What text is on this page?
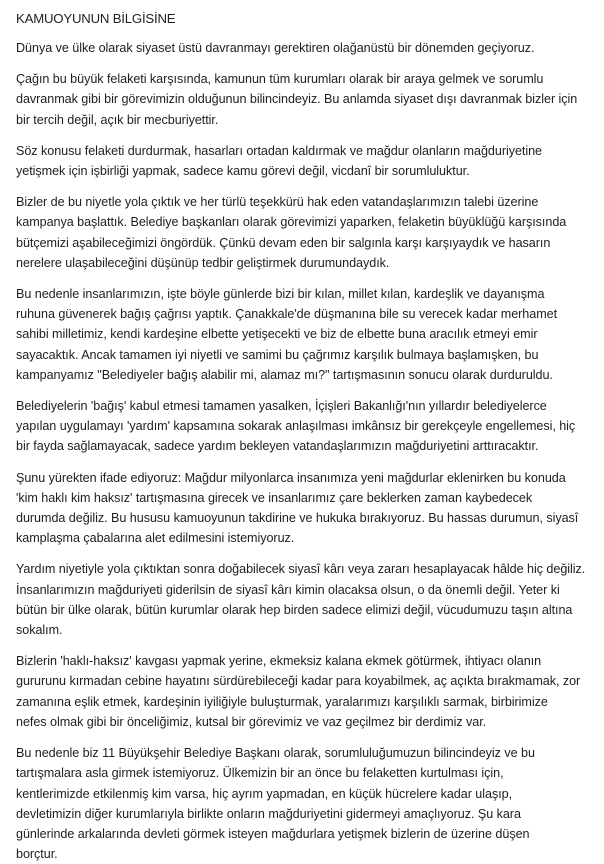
KAMUOYUNUN BİLGİSİNE

Dünya ve ülke olarak siyaset üstü davranmayı gerektiren olağanüstü bir dönemden geçiyoruz.

Çağın bu büyük felaketi karşısında, kamunun tüm kurumları olarak bir araya gelmek ve sorumlu
davranmak gibi bir görevimizin olduğunun bilincindeyiz. Bu anlamda siyaset dışı davranmak bizler için
bir tercih değil, açık bir mecburiyettir.

Söz konusu felaketi durdurmak, hasarları ortadan kaldırmak ve mağdur olanların mağduriyetine
yetişmek için işbirliği yapmak, sadece kamu görevi değil, vicdanî bir sorumluluktur.

Bizler de bu niyetle yola çıktık ve her türlü teşekkürü hak eden vatandaşlarımızın talebi üzerine
kampanya başlattık. Belediye başkanları olarak görevimizi yaparken, felaketin büyüklüğü karşısında
bütçemizi aşabileceğimizi öngördük. Çünkü devam eden bir salgınla karşı karşıyaydık ve hasarın
nerelere ulaşabileceğini düşünüp tedbir geliştirmek durumundaydık.

Bu nedenle insanlarımızın, işte böyle günlerde bizi bir kılan, millet kılan, kardeşlik ve dayanışma
ruhuna güvenerek bağış çağrısı yaptık. Çanakkale'de düşmanına bile su verecek kadar merhamet
sahibi milletimiz, kendi kardeşine elbette yetişecekti ve biz de elbette buna aracılık etmeyi emir
sayacaktık. Ancak tamamen iyi niyetli ve samimi bu çağrımız karşılık bulmaya başlamışken, bu
kampanyamız "Belediyeler bağış alabilir mi, alamaz mı?" tartışmasının sonucu olarak durduruldu.

Belediyelerin 'bağış' kabul etmesi tamamen yasalken, İçişleri Bakanlığı'nın yıllardır belediyelerce
yapılan uygulamayı 'yardım' kapsamına sokarak anlaşılması imkânsız bir gerekçeyle engellemesi, hiç
bir fayda sağlamayacak, sadece yardım bekleyen vatandaşlarımızın mağduriyetini arttıracaktır.

Şunu yürekten ifade ediyoruz: Mağdur milyonlarca insanımıza yeni mağdurlar eklenirken bu konuda
'kim haklı kim haksız' tartışmasına girecek ve insanlarımız çare beklerken zaman kaybedecek
durumda değiliz. Bu hususu kamuoyunun takdirine ve hukuka bırakıyoruz. Bu hassas durumun, siyasî
kamplaşma çabalarına alet edilmesini istemiyoruz.

Yardım niyetiyle yola çıktıktan sonra doğabilecek siyasî kârı veya zararı hesaplayacak hâlde hiç değiliz.
İnsanlarımızın mağduriyeti giderilsin de siyasî kârı kimin olacaksa olsun, o da önemli değil. Yeter ki
bütün bir ülke olarak, bütün kurumlar olarak hep birden sadece elimizi değil, vücudumuzu taşın altına
sokalım.

Bizlerin 'haklı-haksız' kavgası yapmak yerine, ekmeksiz kalana ekmek götürmek, ihtiyacı olanın
gururunu kırmadan cebine hayatını sürdürebileceği kadar para koyabilmek, aç açıkta bırakmamak, zor
zamanına eşlik etmek, kardeşinin iyiliğiyle buluşturmak, yaralarımızı karşılıklı sarmak, birbirimize
nefes olmak gibi bir önceliğimiz, kutsal bir görevimiz ve vaz geçilmez bir derdimiz var.

Bu nedenle biz 11 Büyükşehir Belediye Başkanı olarak, sorumluluğumuzun bilincindeyiz ve bu
tartışmalara asla girmek istemiyoruz. Ülkemizin bir an önce bu felaketten kurtulması için,
kentlerimizde etkilenmiş kim varsa, hiç ayrım yapmadan, en küçük hücrelere kadar ulaşıp,
devletimizin diğer kurumlarıyla birlikte onların mağduriyetini gidermeyi amaçlıyoruz. Şu kara
günlerinde arkalarında devleti görmek isteyen mağdurlara yetişmek bizlerin de üzerine düşen
borçtur.
